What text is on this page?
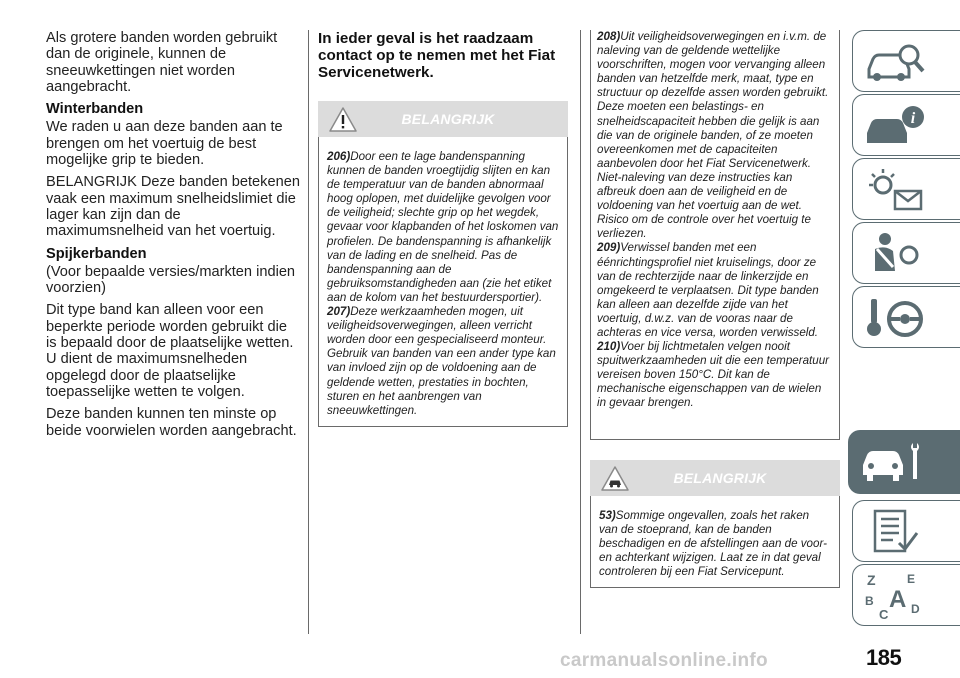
Als grotere banden worden gebruikt dan de originele, kunnen de sneeuwkettingen niet worden aangebracht.

Winterbanden

We raden u aan deze banden aan te brengen om het voertuig de best mogelijke grip te bieden.

BELANGRIJK Deze banden betekenen vaak een maximum snelheidslimiet die lager kan zijn dan de maximumsnelheid van het voertuig.

Spijkerbanden

(Voor bepaalde versies/markten indien voorzien)

Dit type band kan alleen voor een beperkte periode worden gebruikt die is bepaald door de plaatselijke wetten. U dient de maximumsnelheden opgelegd door de plaatselijke toepasselijke wetten te volgen.

Deze banden kunnen ten minste op beide voorwielen worden aangebracht.

In ieder geval is het raadzaam contact op te nemen met het Fiat Servicenetwerk.

BELANGRIJK

206)Door een te lage bandenspanning kunnen de banden vroegtijdig slijten en kan de temperatuur van de banden abnormaal hoog oplopen, met duidelijke gevolgen voor de veiligheid; slechte grip op het wegdek, gevaar voor klapbanden of het loskomen van profielen. De bandenspanning is afhankelijk van de lading en de snelheid. Pas de bandenspanning aan de gebruiksomstandigheden aan (zie het etiket aan de kolom van het bestuurdersportier).

207)Deze werkzaamheden mogen, uit veiligheidsoverwegingen, alleen verricht worden door een gespecialiseerd monteur. Gebruik van banden van een ander type kan van invloed zijn op de voldoening aan de geldende wetten, prestaties in bochten, sturen en het aanbrengen van sneeuwkettingen.

208)Uit veiligheidsoverwegingen en i.v.m. de naleving van de geldende wettelijke voorschriften, mogen voor vervanging alleen banden van hetzelfde merk, maat, type en structuur op dezelfde assen worden gebruikt. Deze moeten een belastings- en snelheidscapaciteit hebben die gelijk is aan die van de originele banden, of ze moeten overeenkomen met de capaciteiten aanbevolen door het Fiat Servicenetwerk. Niet-naleving van deze instructies kan afbreuk doen aan de veiligheid en de voldoening van het voertuig aan de wet. Risico om de controle over het voertuig te verliezen.

209)Verwissel banden met een éénrichtingsprofiel niet kruiselings, door ze van de rechterzijde naar de linkerzijde en omgekeerd te verplaatsen. Dit type banden kan alleen aan dezelfde zijde van het voertuig, d.w.z. van de vooras naar de achteras en vice versa, worden verwisseld.

210)Voer bij lichtmetalen velgen nooit spuitwerkzaamheden uit die een temperatuur vereisen boven 150°C. Dit kan de mechanische eigenschappen van de wielen in gevaar brengen.

BELANGRIJK

53)Sommige ongevallen, zoals het raken van de stoeprand, kan de banden beschadigen en de afstellingen aan de voor- en achterkant wijzigen. Laat ze in dat geval controleren bij een Fiat Servicepunt.

i
Z	E
B A
C D
carmanualsonline.info	185
